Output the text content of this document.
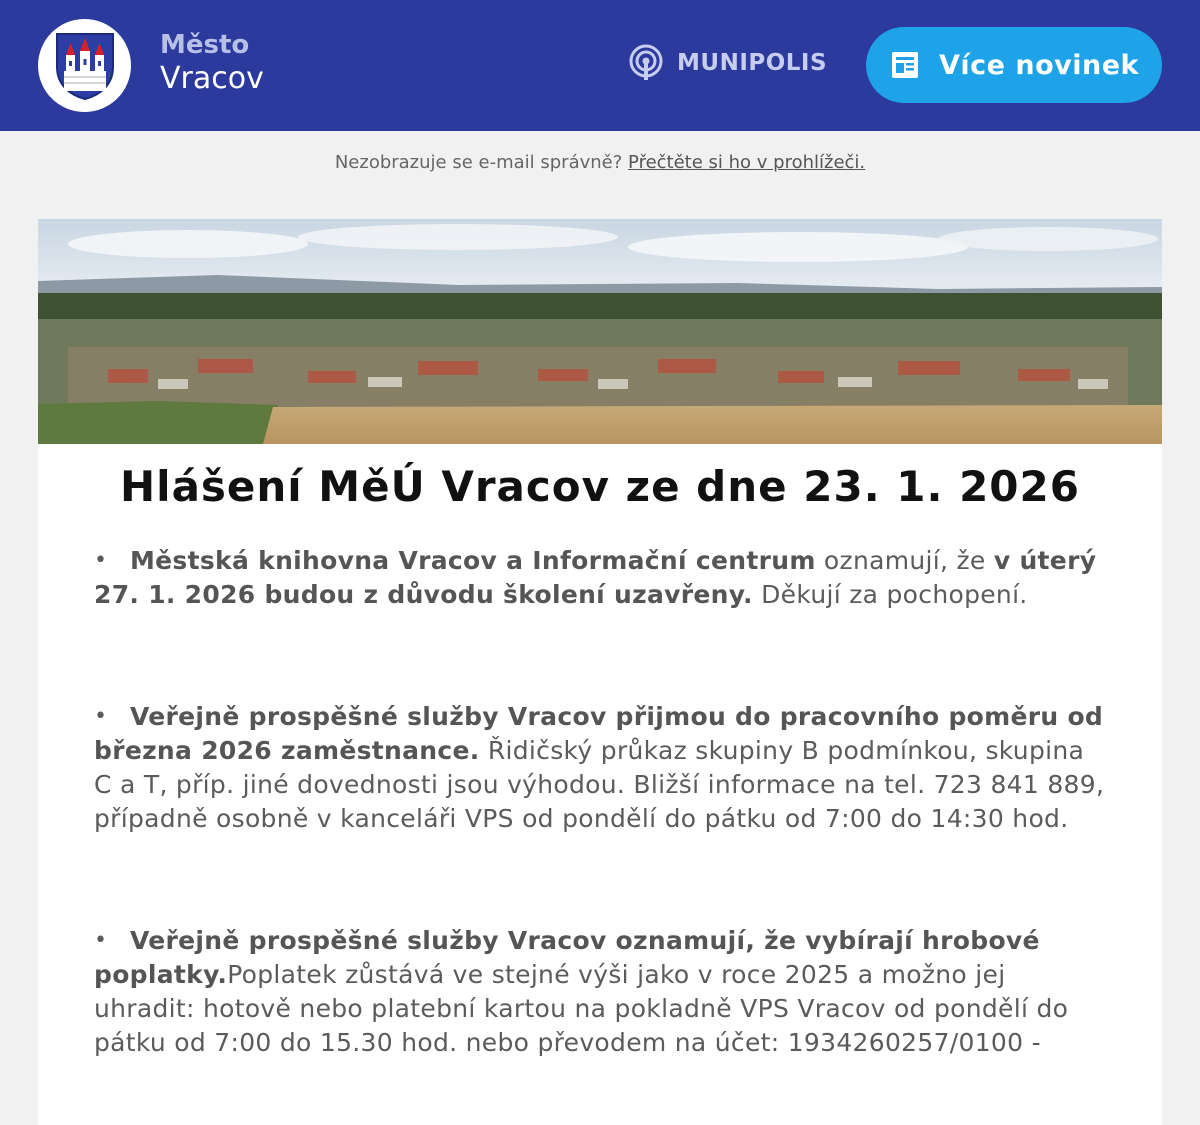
Město
Vracov	MUNIPOLIS	Více novinek
Nezobrazuje se e-mail správně? Přečtěte si ho v prohlížeči.
Hlášení MěÚ Vracov ze dne 23. 1. 2026
• Městská knihovna Vracov a Informační centrum oznamují, že v úterý 27. 1. 2026 budou z důvodu školení uzavřeny. Děkují za pochopení.
• Veřejně prospěšné služby Vracov přijmou do pracovního poměru od března 2026 zaměstnance. Řidičský průkaz skupiny B podmínkou, skupina C a T, příp. jiné dovednosti jsou výhodou. Bližší informace na tel. 723 841 889, případně osobně v kanceláři VPS od pondělí do pátku od 7:00 do 14:30 hod.
• Veřejně prospěšné služby Vracov oznamují, že vybírají hrobové poplatky.Poplatek zůstává ve stejné výši jako v roce 2025 a možno jej uhradit: hotově nebo platební kartou na pokladně VPS Vracov od pondělí do pátku od 7:00 do 15.30 hod. nebo převodem na účet: 1934260257/0100 -
